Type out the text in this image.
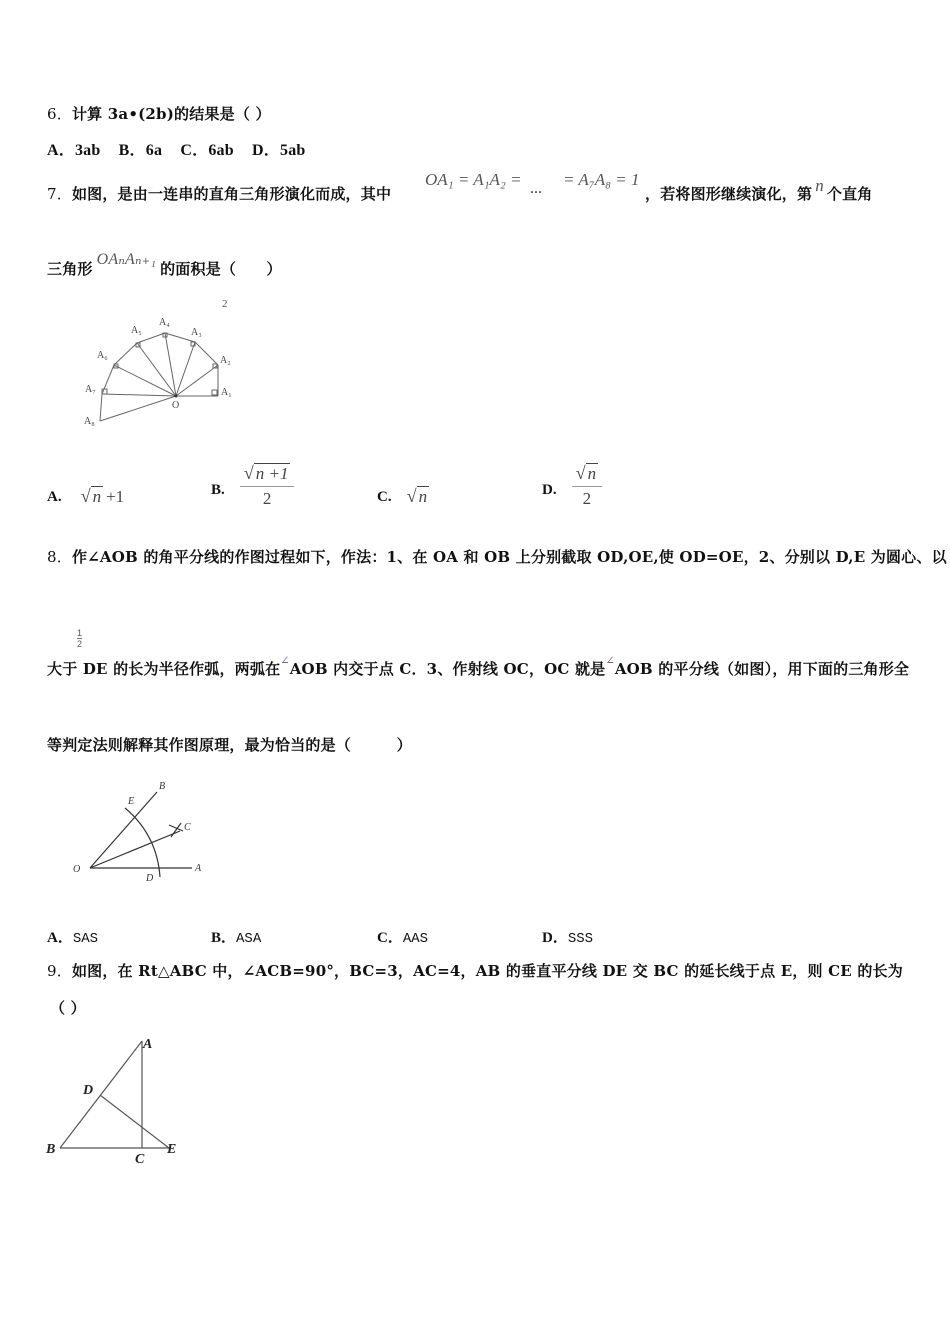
6．计算 3a•(2b)的结果是（ ）
A．3ab B．6a C．6ab D．5ab
7．如图，是由一连串的直角三角形演化而成，其中
OA₁ = A₁A₂ = ... = A₇A₈ = 1
，若将图形继续演化，第 n 个直角
三角形OAₙAₙ₊₁的面积是（　　）
2
O
A₁
A₂
A₃
A₄
A₅
A₆
A₇
A₈
A. √ n +1	B. $\frac{√ n +1}{2}$	C. √ n	D. $\frac{√ n}{2}$
8．作∠AOB 的角平分线的作图过程如下，作法：1、在 OA 和 OB 上分别截取 OD,OE,使 OD=OE，2、分别以 D,E 为圆心、以
1
2
大于 DE 的长为半径作弧，两弧在∠AOB 内交于点 C．3、作射线 OC，OC 就是∠AOB 的平分线（如图），用下面的三角形全
等判定法则解释其作图原理，最为恰当的是（　　　）
O	A
B
C
D
E
A．SAS	B．ASA	C．AAS	D．SSS
9．如图，在 Rt△ABC 中，∠ACB=90°，BC=3，AC=4，AB 的垂直平分线 DE 交 BC 的延长线于点 E，则 CE 的长为
（ ）
A
B
C
D
E
